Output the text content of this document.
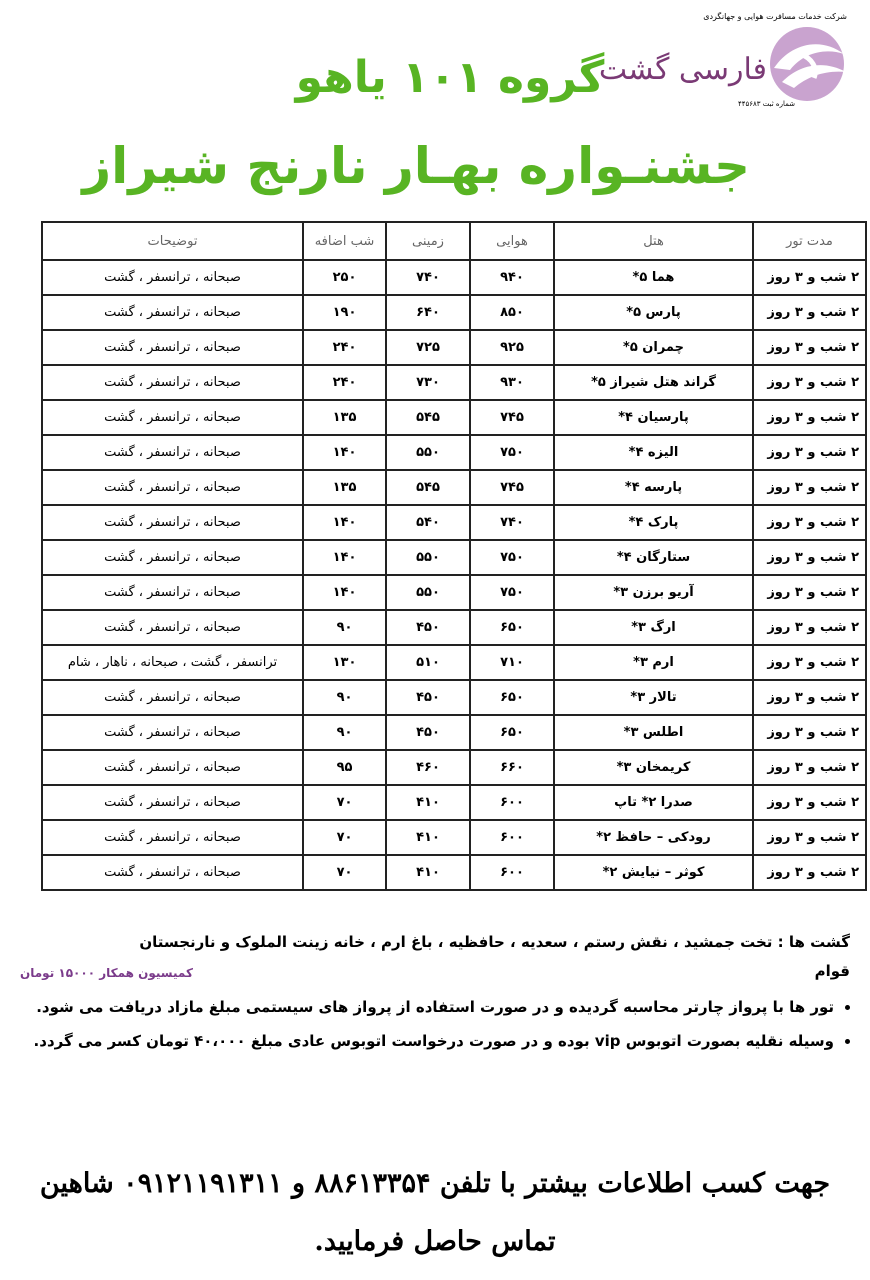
شرکت خدمات مسافرت هوایی و جهانگردی
فارسی گشت
شماره ثبت ۴۴۵۶۸۳
گروه ۱۰۱ یاهو
جشنـواره بهـار نارنج شیراز
مدت تور	هتل	هوایی	زمینی	شب اضافه	توضیحات
۲ شب و ۳ روز	هما ۵*	۹۴۰	۷۴۰	۲۵۰	صبحانه ، ترانسفر ، گشت
۲ شب و ۳ روز	پارس ۵*	۸۵۰	۶۴۰	۱۹۰	صبحانه ، ترانسفر ، گشت
۲ شب و ۳ روز	چمران ۵*	۹۲۵	۷۲۵	۲۴۰	صبحانه ، ترانسفر ، گشت
۲ شب و ۳ روز	گراند هتل شیراز ۵*	۹۳۰	۷۳۰	۲۴۰	صبحانه ، ترانسفر ، گشت
۲ شب و ۳ روز	پارسیان ۴*	۷۴۵	۵۴۵	۱۳۵	صبحانه ، ترانسفر ، گشت
۲ شب و ۳ روز	الیزه ۴*	۷۵۰	۵۵۰	۱۴۰	صبحانه ، ترانسفر ، گشت
۲ شب و ۳ روز	پارسه ۴*	۷۴۵	۵۴۵	۱۳۵	صبحانه ، ترانسفر ، گشت
۲ شب و ۳ روز	پارک ۴*	۷۴۰	۵۴۰	۱۴۰	صبحانه ، ترانسفر ، گشت
۲ شب و ۳ روز	ستارگان ۴*	۷۵۰	۵۵۰	۱۴۰	صبحانه ، ترانسفر ، گشت
۲ شب و ۳ روز	آریو برزن ۳*	۷۵۰	۵۵۰	۱۴۰	صبحانه ، ترانسفر ، گشت
۲ شب و ۳ روز	ارگ ۳*	۶۵۰	۴۵۰	۹۰	صبحانه ، ترانسفر ، گشت
۲ شب و ۳ روز	ارم ۳*	۷۱۰	۵۱۰	۱۳۰	ترانسفر ، گشت ، صبحانه ، ناهار ، شام
۲ شب و ۳ روز	تالار ۳*	۶۵۰	۴۵۰	۹۰	صبحانه ، ترانسفر ، گشت
۲ شب و ۳ روز	اطلس ۳*	۶۵۰	۴۵۰	۹۰	صبحانه ، ترانسفر ، گشت
۲ شب و ۳ روز	کریمخان ۳*	۶۶۰	۴۶۰	۹۵	صبحانه ، ترانسفر ، گشت
۲ شب و ۳ روز	صدرا ۲* تاپ	۶۰۰	۴۱۰	۷۰	صبحانه ، ترانسفر ، گشت
۲ شب و ۳ روز	رودکی – حافظ ۲*	۶۰۰	۴۱۰	۷۰	صبحانه ، ترانسفر ، گشت
۲ شب و ۳ روز	کوثر – نیایش ۲*	۶۰۰	۴۱۰	۷۰	صبحانه ، ترانسفر ، گشت
گشت ها : تخت جمشید ، نقش رستم ، سعدیه ، حافظیه ، باغ ارم ، خانه زینت الملوک و نارنجستان
قوام
کمیسیون همکار ۱۵۰۰۰ تومان
• تور ها با پرواز چارتر محاسبه گردیده و در صورت استفاده از پرواز های سیستمی مبلغ مازاد دریافت می شود.
• وسیله نقلیه بصورت اتوبوس vip بوده و در صورت درخواست اتوبوس عادی مبلغ ۴۰،۰۰۰ تومان کسر می گردد.
جهت کسب اطلاعات بیشتر با تلفن ۸۸۶۱۳۳۵۴ و ۰۹۱۲۱۱۹۱۳۱۱ شاهین
تماس حاصل فرمایید.
